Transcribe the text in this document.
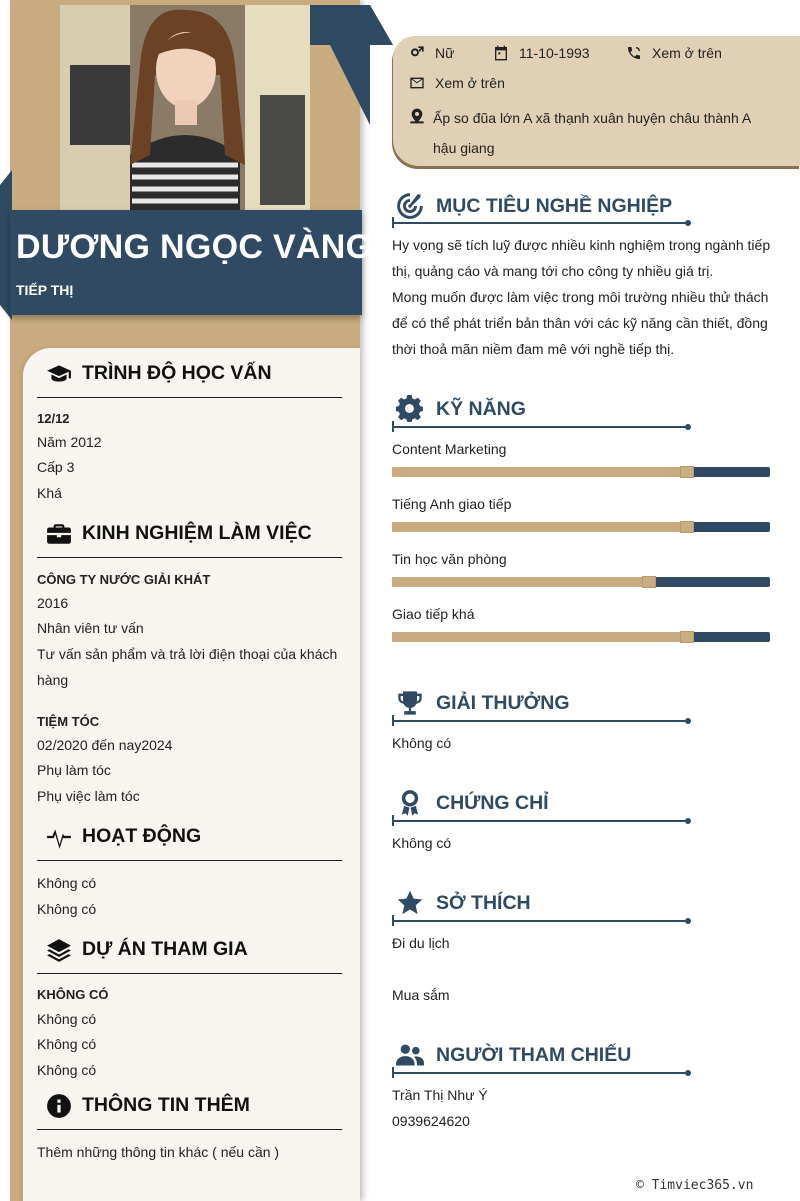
DƯƠNG NGỌC VÀNG
TIẾP THỊ
TRÌNH ĐỘ HỌC VẤN
12/12
Năm 2012
Cấp 3
Khá
KINH NGHIỆM LÀM VIỆC
CÔNG TY NƯỚC GIẢI KHÁT
2016
Nhân viên tư vấn
Tư vấn sản phẩm và trả lời điện thoại của khách hàng
TIỆM TÓC
02/2020 đến nay2024
Phụ làm tóc
Phụ việc làm tóc
HOẠT ĐỘNG
Không có
Không có
DỰ ÁN THAM GIA
KHÔNG CÓ
Không có
Không có
Không có
THÔNG TIN THÊM
Thêm những thông tin khác ( nếu cần )
Nữ	11-10-1993	Xem ở trên
Xem ở trên
Ấp so đũa lớn A xã thạnh xuân huyện châu thành A hậu giang
MỤC TIÊU NGHỀ NGHIỆP
Hy vọng sẽ tích luỹ được nhiều kinh nghiệm trong ngành tiếp thị, quảng cáo và mang tới cho công ty nhiều giá trị.
Mong muốn được làm việc trong môi trường nhiều thử thách để có thể phát triển bản thân với các kỹ năng cần thiết, đồng thời thoả mãn niềm đam mê với nghề tiếp thị.
KỸ NĂNG
Content Marketing
Tiếng Anh giao tiếp
Tin học văn phòng
Giao tiếp khá
GIẢI THƯỞNG
Không có
CHỨNG CHỈ
Không có
SỞ THÍCH
Đi du lịch
Mua sắm
NGƯỜI THAM CHIẾU
Trần Thị Như Ý
0939624620
© Timviec365.vn
